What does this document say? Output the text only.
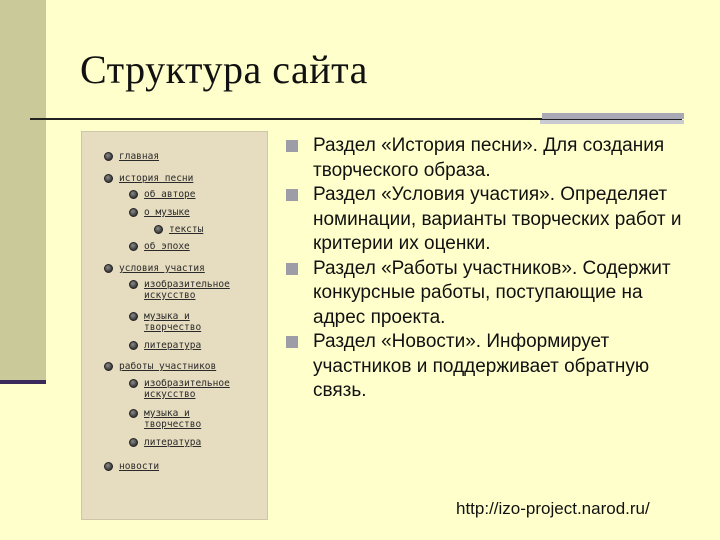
Структура сайта
главная
история песни
об авторе
о музыке
тексты
об эпохе
условия участия
изобразительное
искусство
музыка и
творчество
литература
работы участников
изобразительное
искусство
музыка и
творчество
литература
новости
Раздел «История песни». Для создания творческого образа.
Раздел «Условия участия». Определяет номинации, варианты творческих работ и критерии их оценки.
Раздел «Работы участников». Содержит конкурсные работы, поступающие на адрес проекта.
Раздел «Новости». Информирует участников и поддерживает обратную связь.
http://izo-project.narod.ru/
